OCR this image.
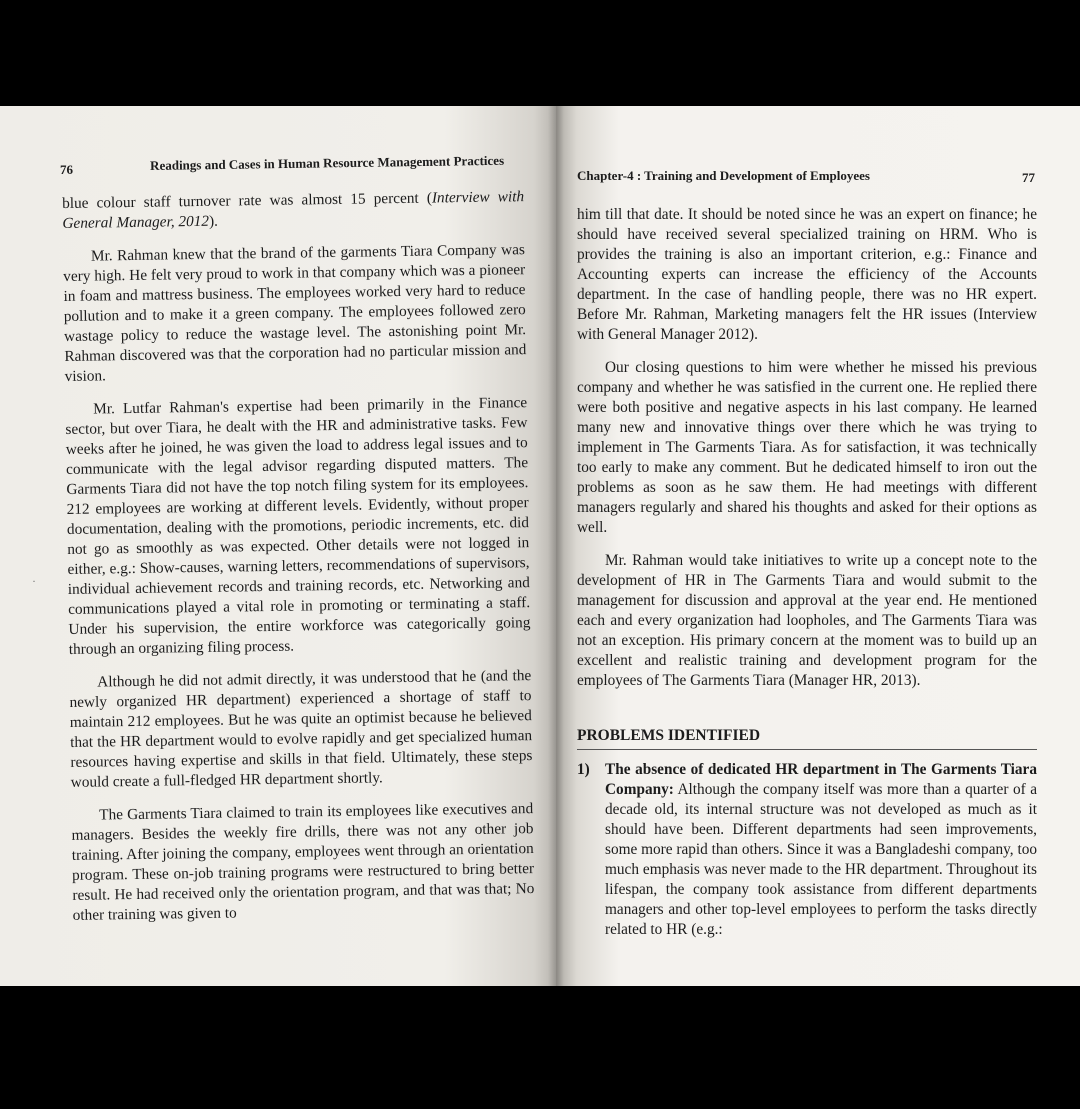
76	Readings and Cases in Human Resource Management Practices
·

blue colour staff turnover rate was almost 15 percent (Interview with General Manager, 2012).

Mr. Rahman knew that the brand of the garments Tiara Company was very high. He felt very proud to work in that company which was a pioneer in foam and mattress business. The employees worked very hard to reduce pollution and to make it a green company. The employees followed zero wastage policy to reduce the wastage level. The astonishing point Mr. Rahman discovered was that the corporation had no particular mission and vision.

Mr. Lutfar Rahman's expertise had been primarily in the Finance sector, but over Tiara, he dealt with the HR and administrative tasks. Few weeks after he joined, he was given the load to address legal issues and to communicate with the legal advisor regarding disputed matters. The Garments Tiara did not have the top notch filing system for its employees. 212 employees are working at different levels. Evidently, without proper documentation, dealing with the promotions, periodic increments, etc. did not go as smoothly as was expected. Other details were not logged in either, e.g.: Show-causes, warning letters, recommendations of supervisors, individual achievement records and training records, etc. Networking and communications played a vital role in promoting or terminating a staff. Under his supervision, the entire workforce was categorically going through an organizing filing process.

Although he did not admit directly, it was understood that he (and the newly organized HR department) experienced a shortage of staff to maintain 212 employees. But he was quite an optimist because he believed that the HR department would to evolve rapidly and get specialized human resources having expertise and skills in that field. Ultimately, these steps would create a full-fledged HR department shortly.

The Garments Tiara claimed to train its employees like executives and managers. Besides the weekly fire drills, there was not any other job training. After joining the company, employees went through an orientation program. These on-job training programs were restructured to bring better result. He had received only the orientation program, and that was that; No other training was given to

Chapter-4 : Training and Development of Employees	77

him till that date. It should be noted since he was an expert on finance; he should have received several specialized training on HRM. Who is provides the training is also an important criterion, e.g.: Finance and Accounting experts can increase the efficiency of the Accounts department. In the case of handling people, there was no HR expert. Before Mr. Rahman, Marketing managers felt the HR issues (Interview with General Manager 2012).

Our closing questions to him were whether he missed his previous company and whether he was satisfied in the current one. He replied there were both positive and negative aspects in his last company. He learned many new and innovative things over there which he was trying to implement in The Garments Tiara. As for satisfaction, it was technically too early to make any comment. But he dedicated himself to iron out the problems as soon as he saw them. He had meetings with different managers regularly and shared his thoughts and asked for their options as well.

Mr. Rahman would take initiatives to write up a concept note to the development of HR in The Garments Tiara and would submit to the management for discussion and approval at the year end. He mentioned each and every organization had loopholes, and The Garments Tiara was not an exception. His primary concern at the moment was to build up an excellent and realistic training and development program for the employees of The Garments Tiara (Manager HR, 2013).

PROBLEMS IDENTIFIED
1) The absence of dedicated HR department in The Garments Tiara Company: Although the company itself was more than a quarter of a decade old, its internal structure was not developed as much as it should have been. Different departments had seen improvements, some more rapid than others. Since it was a Bangladeshi company, too much emphasis was never made to the HR department. Throughout its lifespan, the company took assistance from different departments managers and other top-level employees to perform the tasks directly related to HR (e.g.:
